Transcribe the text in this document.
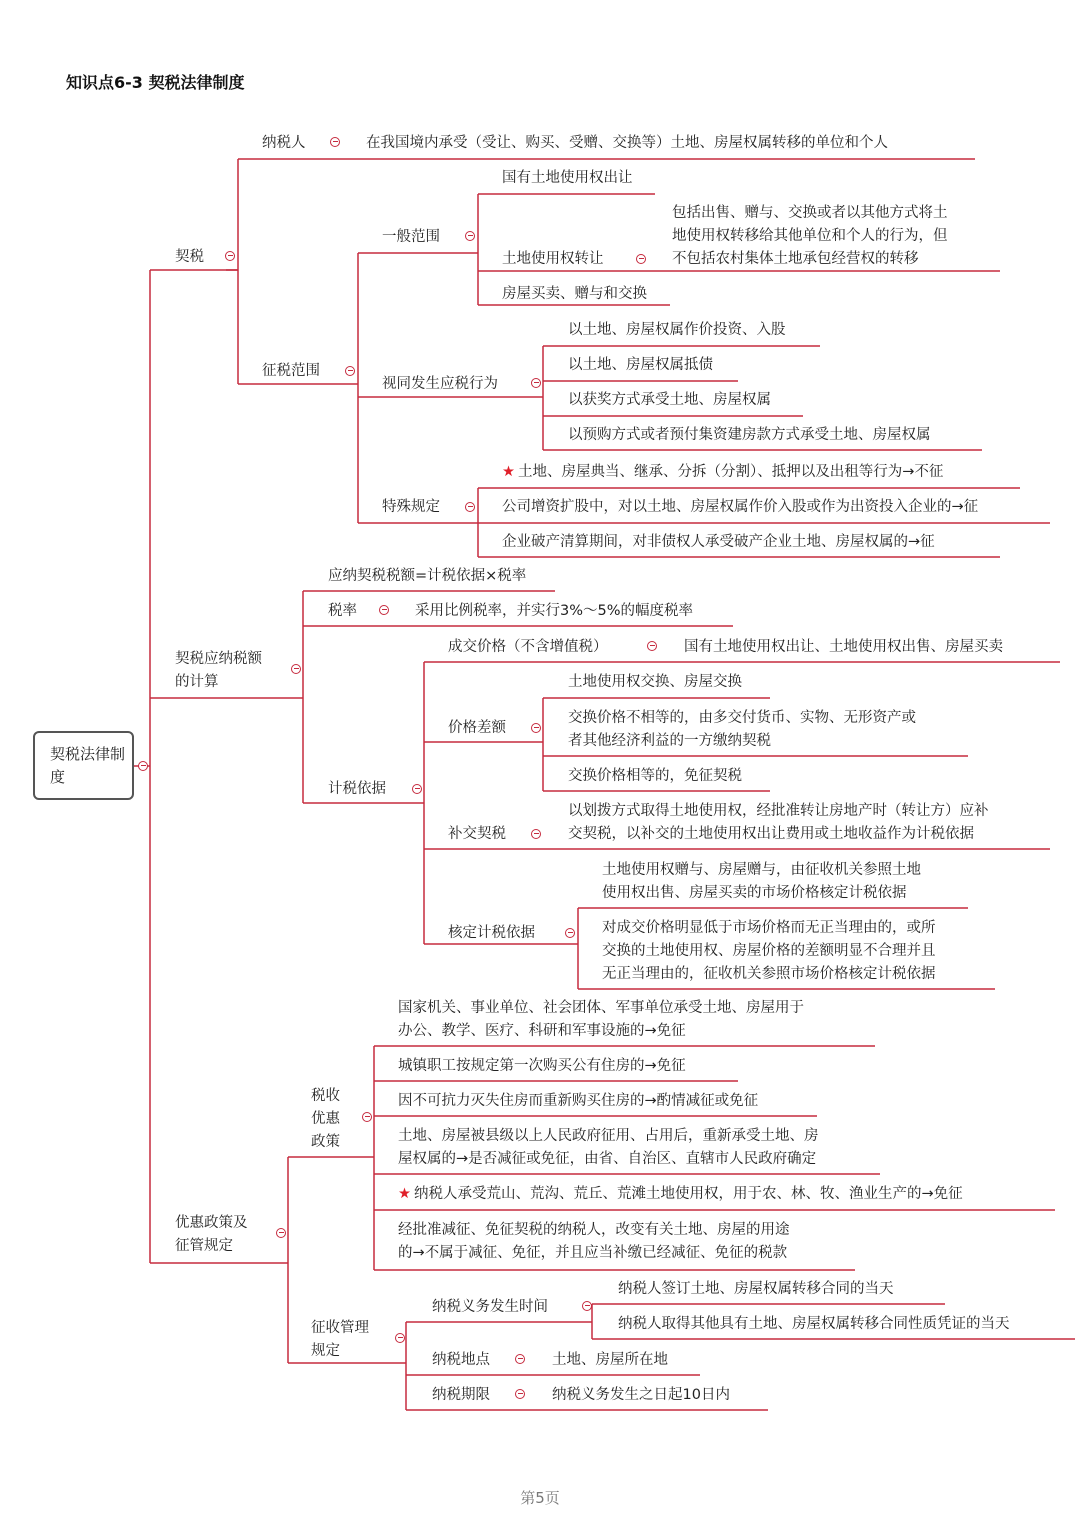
知识点6-3 契税法律制度
契税法律制度
契税
纳税人	在我国境内承受（受让、购买、受赠、交换等）土地、房屋权属转移的单位和个人
征税范围
一般范围
国有土地使用权出让
土地使用权转让
包括出售、赠与、交换或者以其他方式将土
地使用权转移给其他单位和个人的行为，但
不包括农村集体土地承包经营权的转移
房屋买卖、赠与和交换
视同发生应税行为
以土地、房屋权属作价投资、入股
以土地、房屋权属抵债
以获奖方式承受土地、房屋权属
以预购方式或者预付集资建房款方式承受土地、房屋权属
特殊规定
★ 土地、房屋典当、继承、分拆（分割）、抵押以及出租等行为→不征
公司增资扩股中，对以土地、房屋权属作价入股或作为出资投入企业的→征
企业破产清算期间，对非债权人承受破产企业土地、房屋权属的→征
契税应纳税额
的计算
应纳契税税额=计税依据×税率
税率	采用比例税率，并实行3%～5%的幅度税率
计税依据
成交价格（不含增值税）	国有土地使用权出让、土地使用权出售、房屋买卖
价格差额
土地使用权交换、房屋交换
交换价格不相等的，由多交付货币、实物、无形资产或
者其他经济利益的一方缴纳契税
交换价格相等的，免征契税
补交契税
以划拨方式取得土地使用权，经批准转让房地产时（转让方）应补
交契税，以补交的土地使用权出让费用或土地收益作为计税依据
核定计税依据
土地使用权赠与、房屋赠与，由征收机关参照土地
使用权出售、房屋买卖的市场价格核定计税依据
对成交价格明显低于市场价格而无正当理由的，或所
交换的土地使用权、房屋价格的差额明显不合理并且
无正当理由的，征收机关参照市场价格核定计税依据
优惠政策及
征管规定
税收
优惠
政策
国家机关、事业单位、社会团体、军事单位承受土地、房屋用于
办公、教学、医疗、科研和军事设施的→免征
城镇职工按规定第一次购买公有住房的→免征
因不可抗力灭失住房而重新购买住房的→酌情减征或免征
土地、房屋被县级以上人民政府征用、占用后，重新承受土地、房
屋权属的→是否减征或免征，由省、自治区、直辖市人民政府确定
★ 纳税人承受荒山、荒沟、荒丘、荒滩土地使用权，用于农、林、牧、渔业生产的→免征
经批准减征、免征契税的纳税人，改变有关土地、房屋的用途
的→不属于减征、免征，并且应当补缴已经减征、免征的税款
征收管理
规定
纳税义务发生时间
纳税人签订土地、房屋权属转移合同的当天
纳税人取得其他具有土地、房屋权属转移合同性质凭证的当天
纳税地点	土地、房屋所在地
纳税期限	纳税义务发生之日起10日内
第5页
